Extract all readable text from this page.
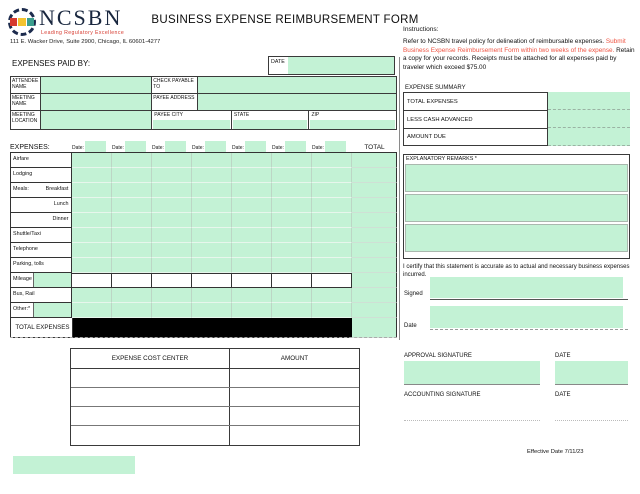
NCSBN
Leading Regulatory Excellence
BUSINESS EXPENSE REIMBURSEMENT FORM
111 E. Wacker Drive, Suite 2900, Chicago, IL 60601-4277
EXPENSES PAID BY:	DATE
ATTENDEE NAME
CHECK PAYABLE TO
MEETING NAME
PAYEE ADDRESS
MEETING LOCATION
PAYEE CITY	STATE	ZIP
EXPENSES:	Date:	Date:	Date:	Date:	Date:	Date:	Date:	TOTAL
Airfare
Lodging
Meals:	Breakfast
Lunch
Dinner
Shuttle/Taxi
Telephone
Parking, tolls
Mileage
Bus, Rail
Other:*
TOTAL EXPENSES
EXPENSE COST CENTER	AMOUNT
Instructions:
Refer to NCSBN travel policy for delineation of reimbursable expenses. Submit Business Expense Reimbursement Form within two weeks of the expense. Retain a copy for your records. Receipts must be attached for all expenses paid by traveler which exceed $75.00
EXPENSE SUMMARY
TOTAL EXPENSES
LESS CASH ADVANCED
AMOUNT DUE
EXPLANATORY REMARKS *
I certify that this statement is accurate as to actual and necessary business expenses incurred.
Signed
Date
APPROVAL SIGNATURE	DATE
ACCOUNTING SIGNATURE	DATE
Effective Date 7/11/23
